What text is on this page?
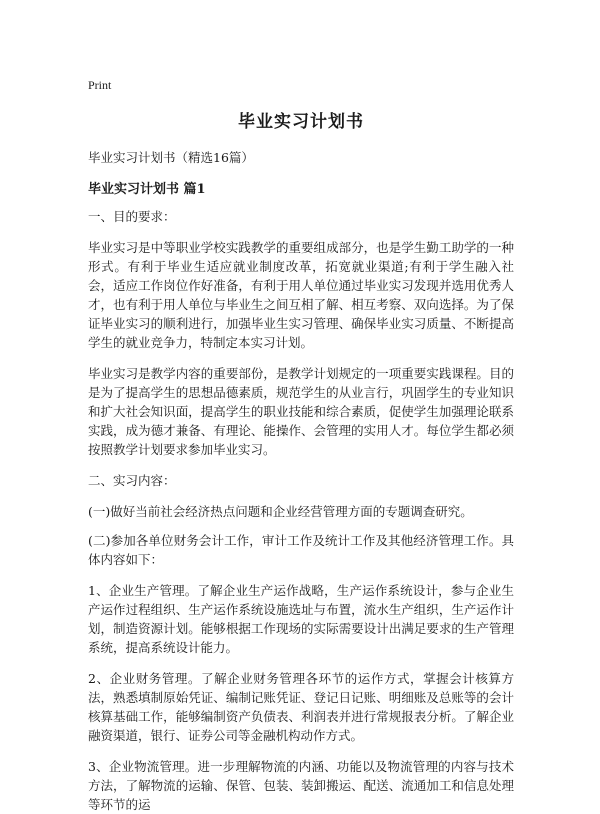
Print
毕业实习计划书

毕业实习计划书（精选16篇）

毕业实习计划书 篇1

一、目的要求：

毕业实习是中等职业学校实践教学的重要组成部分，也是学生勤工助学的一种形式。有利于毕业生适应就业制度改革，拓宽就业渠道;有利于学生融入社会，适应工作岗位作好准备，有利于用人单位通过毕业实习发现并选用优秀人才，也有利于用人单位与毕业生之间互相了解、相互考察、双向选择。为了保证毕业实习的顺利进行，加强毕业生实习管理、确保毕业实习质量、不断提高学生的就业竞争力，特制定本实习计划。

毕业实习是教学内容的重要部份，是教学计划规定的一项重要实践课程。目的是为了提高学生的思想品德素质，规范学生的从业言行，巩固学生的专业知识和扩大社会知识面，提高学生的职业技能和综合素质，促使学生加强理论联系实践，成为德才兼备、有理论、能操作、会管理的实用人才。每位学生都必须按照教学计划要求参加毕业实习。

二、实习内容：

(一)做好当前社会经济热点问题和企业经营管理方面的专题调查研究。

(二)参加各单位财务会计工作，审计工作及统计工作及其他经济管理工作。具体内容如下：

1、企业生产管理。了解企业生产运作战略，生产运作系统设计，参与企业生产运作过程组织、生产运作系统设施选址与布置，流水生产组织，生产运作计划，制造资源计划。能够根据工作现场的实际需要设计出满足要求的生产管理系统，提高系统设计能力。

2、企业财务管理。了解企业财务管理各环节的运作方式，掌握会计核算方法，熟悉填制原始凭证、编制记账凭证、登记日记账、明细账及总账等的会计核算基础工作，能够编制资产负债表、利润表并进行常规报表分析。了解企业融资渠道，银行、证券公司等金融机构动作方式。

3、企业物流管理。进一步理解物流的内涵、功能以及物流管理的内容与技术方法，了解物流的运输、保管、包装、装卸搬运、配送、流通加工和信息处理等环节的运
